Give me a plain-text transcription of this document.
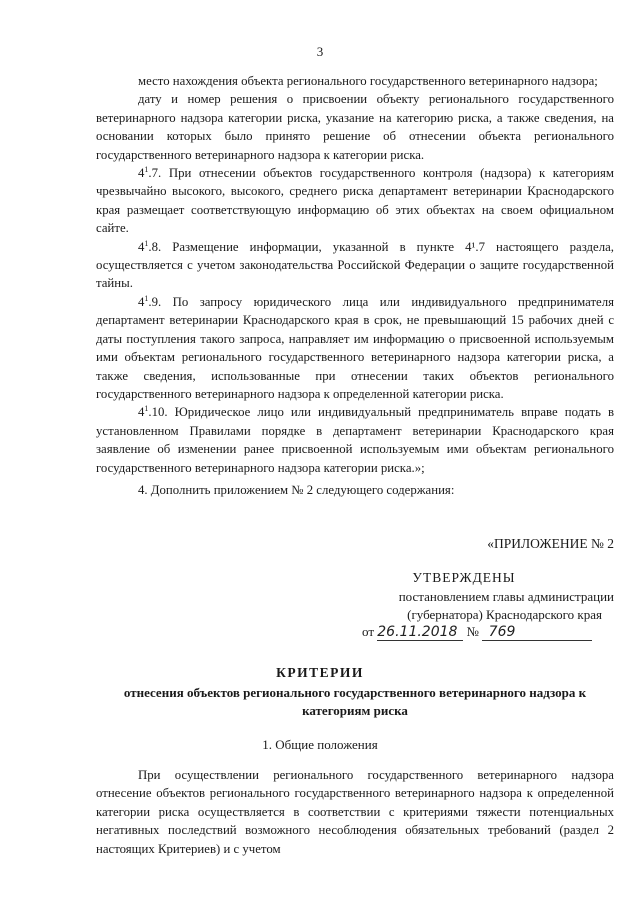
3

место нахождения объекта регионального государственного ветеринарного надзора;

дату и номер решения о присвоении объекту регионального государственного ветеринарного надзора категории риска, указание на категорию риска, а также сведения, на основании которых было принято решение об отнесении объекта регионального государственного ветеринарного надзора к категории риска.

$4^1.7$. При отнесении объектов государственного контроля (надзора) к категориям чрезвычайно высокого, высокого, среднего риска департамент ветеринарии Краснодарского края размещает соответствующую информацию об этих объектах на своем официальном сайте.

$4^1.8$. Размещение информации, указанной в пункте 4¹.7 настоящего раздела, осуществляется с учетом законодательства Российской Федерации о защите государственной тайны.

$4^1.9$. По запросу юридического лица или индивидуального предпринимателя департамент ветеринарии Краснодарского края в срок, не превышающий 15 рабочих дней с даты поступления такого запроса, направляет им информацию о присвоенной используемым ими объектам регионального государственного ветеринарного надзора категории риска, а также сведения, использованные при отнесении таких объектов регионального государственного ветеринарного надзора к определенной категории риска.

$4^1.10$. Юридическое лицо или индивидуальный предприниматель вправе подать в установленном Правилами порядке в департамент ветеринарии Краснодарского края заявление об изменении ранее присвоенной используемым ими объектам регионального государственного ветеринарного надзора категории риска.»;

4. Дополнить приложением № 2 следующего содержания:

«ПРИЛОЖЕНИЕ № 2
УТВЕРЖДЕНЫ
постановлением главы администрации
(губернатора) Краснодарского края
от 26.11.2018 № 769
КРИТЕРИИ
отнесения объектов регионального государственного ветеринарного надзора к категориям риска
1. Общие положения

При осуществлении регионального государственного ветеринарного надзора отнесение объектов регионального государственного ветеринарного надзора к определенной категории риска осуществляется в соответствии с критериями тяжести потенциальных негативных последствий возможного несоблюдения обязательных требований (раздел 2 настоящих Критериев) и с учетом
